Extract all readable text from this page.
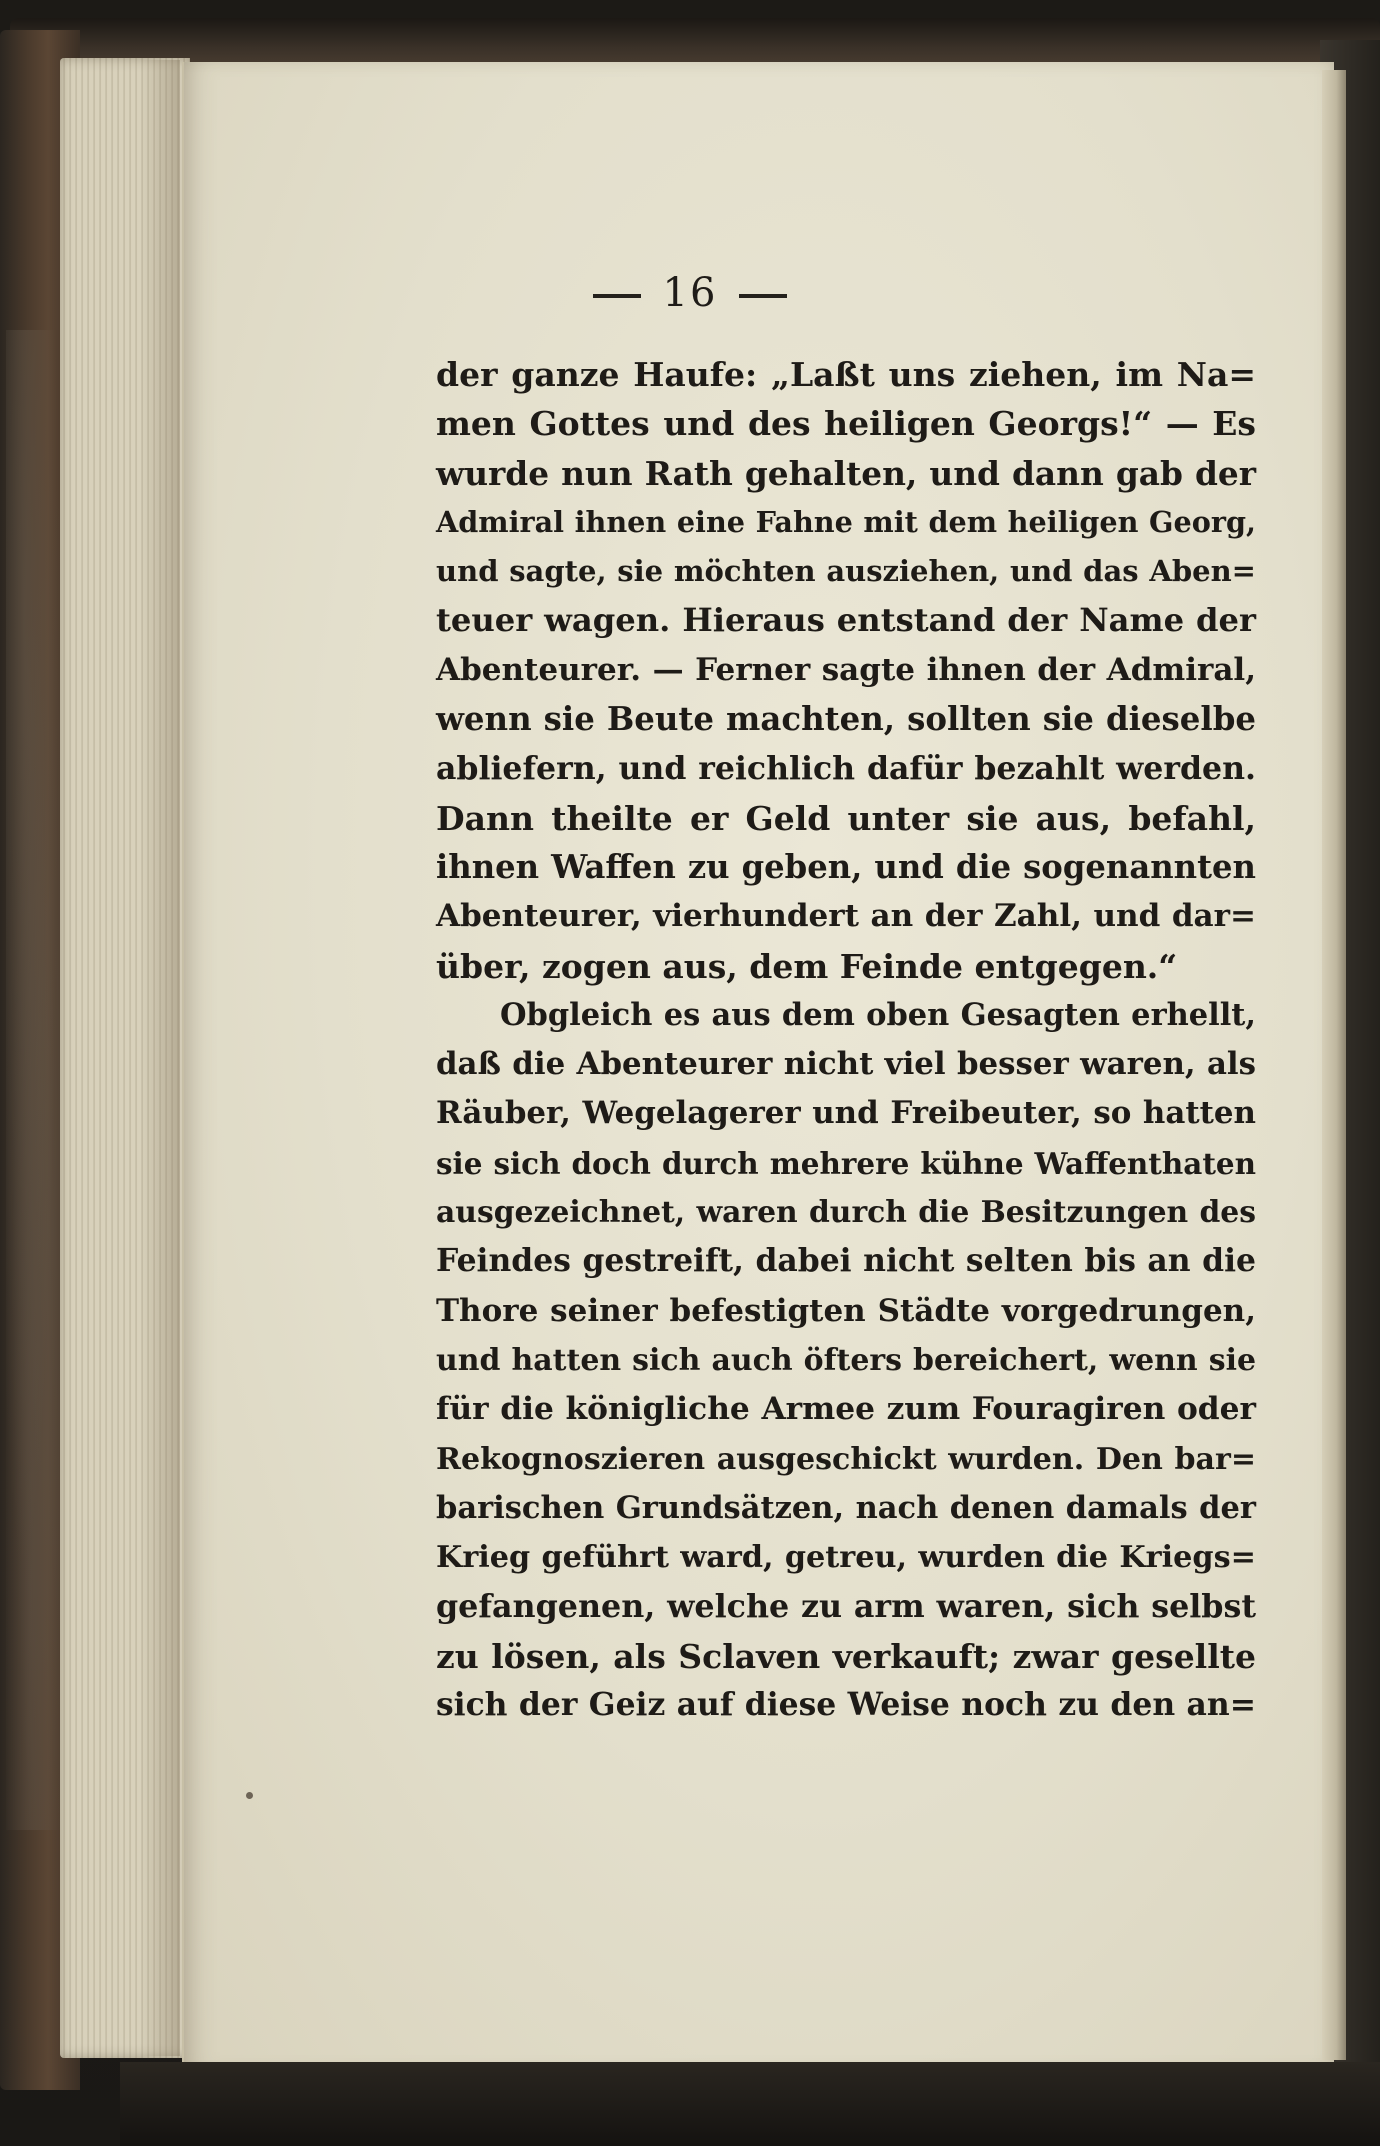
16
der ganze Haufe: „Laßt uns ziehen, im Na=
men Gottes und des heiligen Georgs!“ — Es
wurde nun Rath gehalten, und dann gab der
Admiral ihnen eine Fahne mit dem heiligen Georg,
und sagte, sie möchten ausziehen, und das Aben=
teuer wagen. Hieraus entstand der Name der
Abenteurer. — Ferner sagte ihnen der Admiral,
wenn sie Beute machten, sollten sie dieselbe
abliefern, und reichlich dafür bezahlt werden.
Dann theilte er Geld unter sie aus, befahl,
ihnen Waffen zu geben, und die sogenannten
Abenteurer, vierhundert an der Zahl, und dar=
über, zogen aus, dem Feinde entgegen.“
Obgleich es aus dem oben Gesagten erhellt,
daß die Abenteurer nicht viel besser waren, als
Räuber, Wegelagerer und Freibeuter, so hatten
sie sich doch durch mehrere kühne Waffenthaten
ausgezeichnet, waren durch die Besitzungen des
Feindes gestreift, dabei nicht selten bis an die
Thore seiner befestigten Städte vorgedrungen,
und hatten sich auch öfters bereichert, wenn sie
für die königliche Armee zum Fouragiren oder
Rekognoszieren ausgeschickt wurden. Den bar=
barischen Grundsätzen, nach denen damals der
Krieg geführt ward, getreu, wurden die Kriegs=
gefangenen, welche zu arm waren, sich selbst
zu lösen, als Sclaven verkauft; zwar gesellte
sich der Geiz auf diese Weise noch zu den an=
